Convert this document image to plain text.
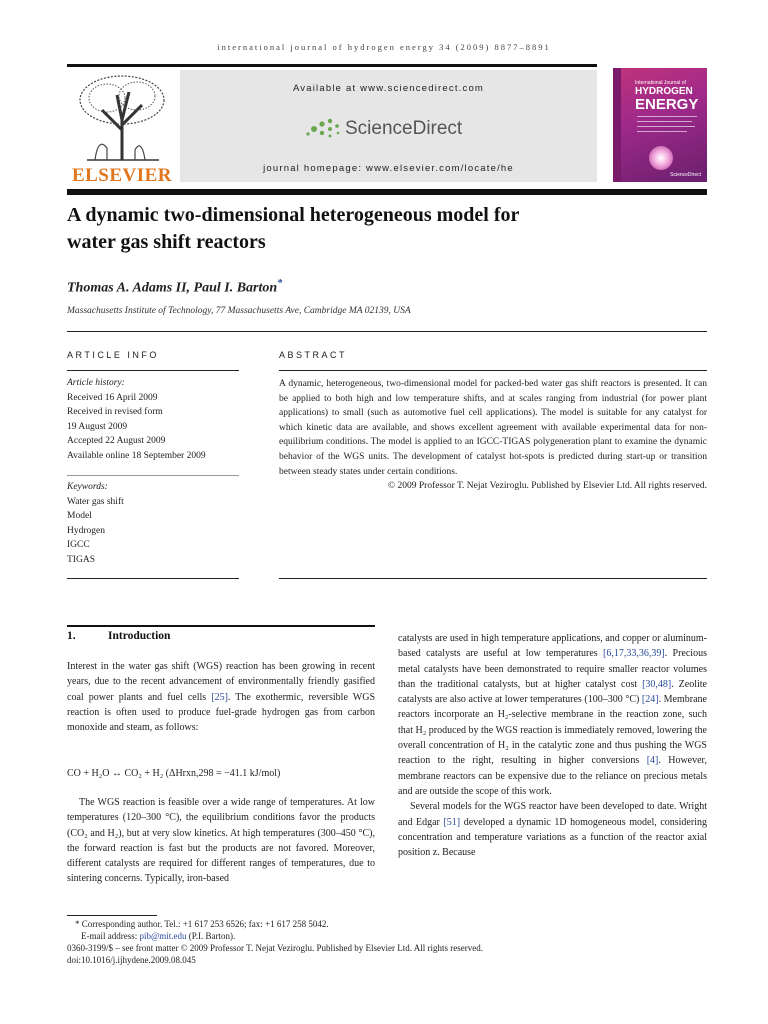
international journal of hydrogen energy 34 (2009) 8877–8891
ELSEVIER
Available at www.sciencedirect.com
ScienceDirect
journal homepage: www.elsevier.com/locate/he
International Journal of
HYDROGEN
ENERGY
ScienceDirect
A dynamic two-dimensional heterogeneous model for
water gas shift reactors
Thomas A. Adams II, Paul I. Barton*
Massachusetts Institute of Technology, 77 Massachusetts Ave, Cambridge MA 02139, USA
ARTICLE INFO
Article history:
Received 16 April 2009
Received in revised form
19 August 2009
Accepted 22 August 2009
Available online 18 September 2009
Keywords:
Water gas shift
Model
Hydrogen
IGCC
TIGAS
ABSTRACT
A dynamic, heterogeneous, two-dimensional model for packed-bed water gas shift reactors is presented. It can be applied to both high and low temperature shifts, and at scales ranging from industrial (for power plant applications) to small (such as automotive fuel cell applications). The model is suitable for any catalyst for which kinetic data are available, and shows excellent agreement with available experimental data for non-equilibrium conditions. The model is applied to an IGCC-TIGAS polygeneration plant to examine the dynamic behavior of the WGS units. The development of catalyst hot-spots is predicted during start-up or transition between steady states under certain conditions.
© 2009 Professor T. Nejat Veziroglu. Published by Elsevier Ltd. All rights reserved.
1.	Introduction

Interest in the water gas shift (WGS) reaction has been growing in recent years, due to the recent advancement of environmentally friendly gasified coal power plants and fuel cells [25]. The exothermic, reversible WGS reaction is often used to produce fuel-grade hydrogen gas from carbon monoxide and steam, as follows:

CO + H₂O ↔ CO₂ + H₂ (ΔHrxn,298 = −41.1 kJ/mol)

The WGS reaction is feasible over a wide range of temperatures. At low temperatures (120–300 °C), the equilibrium conditions favor the products (CO₂ and H₂), but at very slow kinetics. At high temperatures (300–450 °C), the forward reaction is fast but the products are not favored. Moreover, different catalysts are required for different ranges of temperatures, due to sintering concerns. Typically, iron-based

catalysts are used in high temperature applications, and copper or aluminum-based catalysts are useful at low temperatures [6,17,33,36,39]. Precious metal catalysts have been demonstrated to require smaller reactor volumes than the traditional catalysts, but at higher catalyst cost [30,48]. Zeolite catalysts are also active at lower temperatures (100–300 °C) [24]. Membrane reactors incorporate an H₂-selective membrane in the reaction zone, such that H₂ produced by the WGS reaction is immediately removed, lowering the overall concentration of H₂ in the catalytic zone and thus pushing the WGS reaction to the right, resulting in higher conversions [4]. However, membrane reactors can be expensive due to the reliance on precious metals and are outside the scope of this work.

Several models for the WGS reactor have been developed to date. Wright and Edgar [51] developed a dynamic 1D homogeneous model, considering concentration and temperature variations as a function of the reactor axial position z. Because

* Corresponding author. Tel.: +1 617 253 6526; fax: +1 617 258 5042.
E-mail address: pib@mit.edu (P.I. Barton).
0360-3199/$ – see front matter © 2009 Professor T. Nejat Veziroglu. Published by Elsevier Ltd. All rights reserved.
doi:10.1016/j.ijhydene.2009.08.045
